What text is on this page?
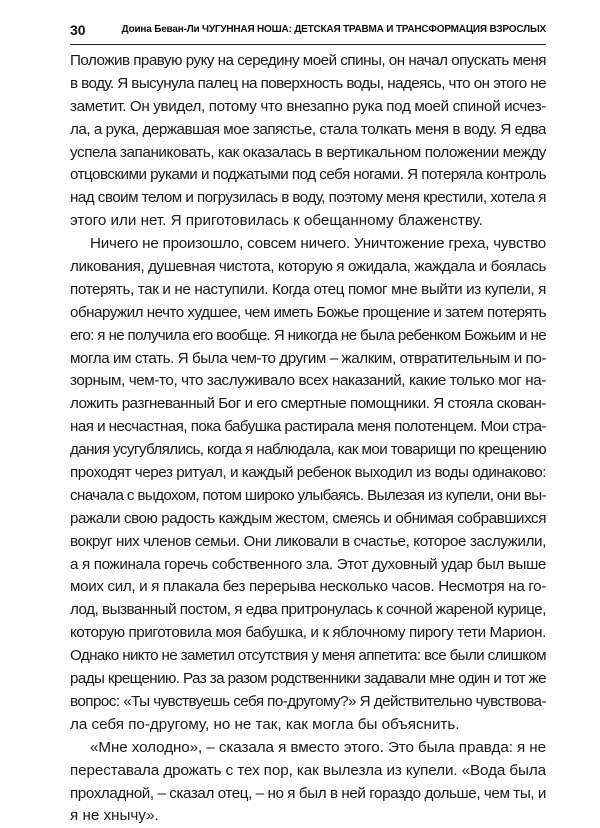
30	Доина Беван-Ли ЧУГУННАЯ НОША: ДЕТСКАЯ ТРАВМА И ТРАНСФОРМАЦИЯ ВЗРОСЛЫХ
Положив правую руку на середину моей спины, он начал опускать меня
в воду. Я высунула палец на поверхность воды, надеясь, что он этого не
заметит. Он увидел, потому что внезапно рука под моей спиной исчез-
ла, а рука, державшая мое запястье, стала толкать меня в воду. Я едва
успела запаниковать, как оказалась в вертикальном положении между
отцовскими руками и поджатыми под себя ногами. Я потеряла контроль
над своим телом и погрузилась в воду, поэтому меня крестили, хотела я
этого или нет. Я приготовилась к обещанному блаженству.
Ничего не произошло, совсем ничего. Уничтожение греха, чувство
ликования, душевная чистота, которую я ожидала, жаждала и боялась
потерять, так и не наступили. Когда отец помог мне выйти из купели, я
обнаружил нечто худшее, чем иметь Божье прощение и затем потерять
его: я не получила его вообще. Я никогда не была ребенком Божьим и не
могла им стать. Я была чем-то другим – жалким, отвратительным и по-
зорным, чем-то, что заслуживало всех наказаний, какие только мог на-
ложить разгневанный Бог и его смертные помощники. Я стояла скован-
ная и несчастная, пока бабушка растирала меня полотенцем. Мои стра-
дания усугублялись, когда я наблюдала, как мои товарищи по крещению
проходят через ритуал, и каждый ребенок выходил из воды одинаково:
сначала с выдохом, потом широко улыбаясь. Вылезая из купели, они вы-
ражали свою радость каждым жестом, смеясь и обнимая собравшихся
вокруг них членов семьи. Они ликовали в счастье, которое заслужили,
а я пожинала горечь собственного зла. Этот духовный удар был выше
моих сил, и я плакала без перерыва несколько часов. Несмотря на го-
лод, вызванный постом, я едва притронулась к сочной жареной курице,
которую приготовила моя бабушка, и к яблочному пирогу тети Марион.
Однако никто не заметил отсутствия у меня аппетита: все были слишком
рады крещению. Раз за разом родственники задавали мне один и тот же
вопрос: «Ты чувствуешь себя по-другому?» Я действительно чувствова-
ла себя по-другому, но не так, как могла бы объяснить.
«Мне холодно», – сказала я вместо этого. Это была правда: я не
переставала дрожать с тех пор, как вылезла из купели. «Вода была
прохладной, – сказал отец, – но я был в ней гораздо дольше, чем ты, и
я не хнычу».
